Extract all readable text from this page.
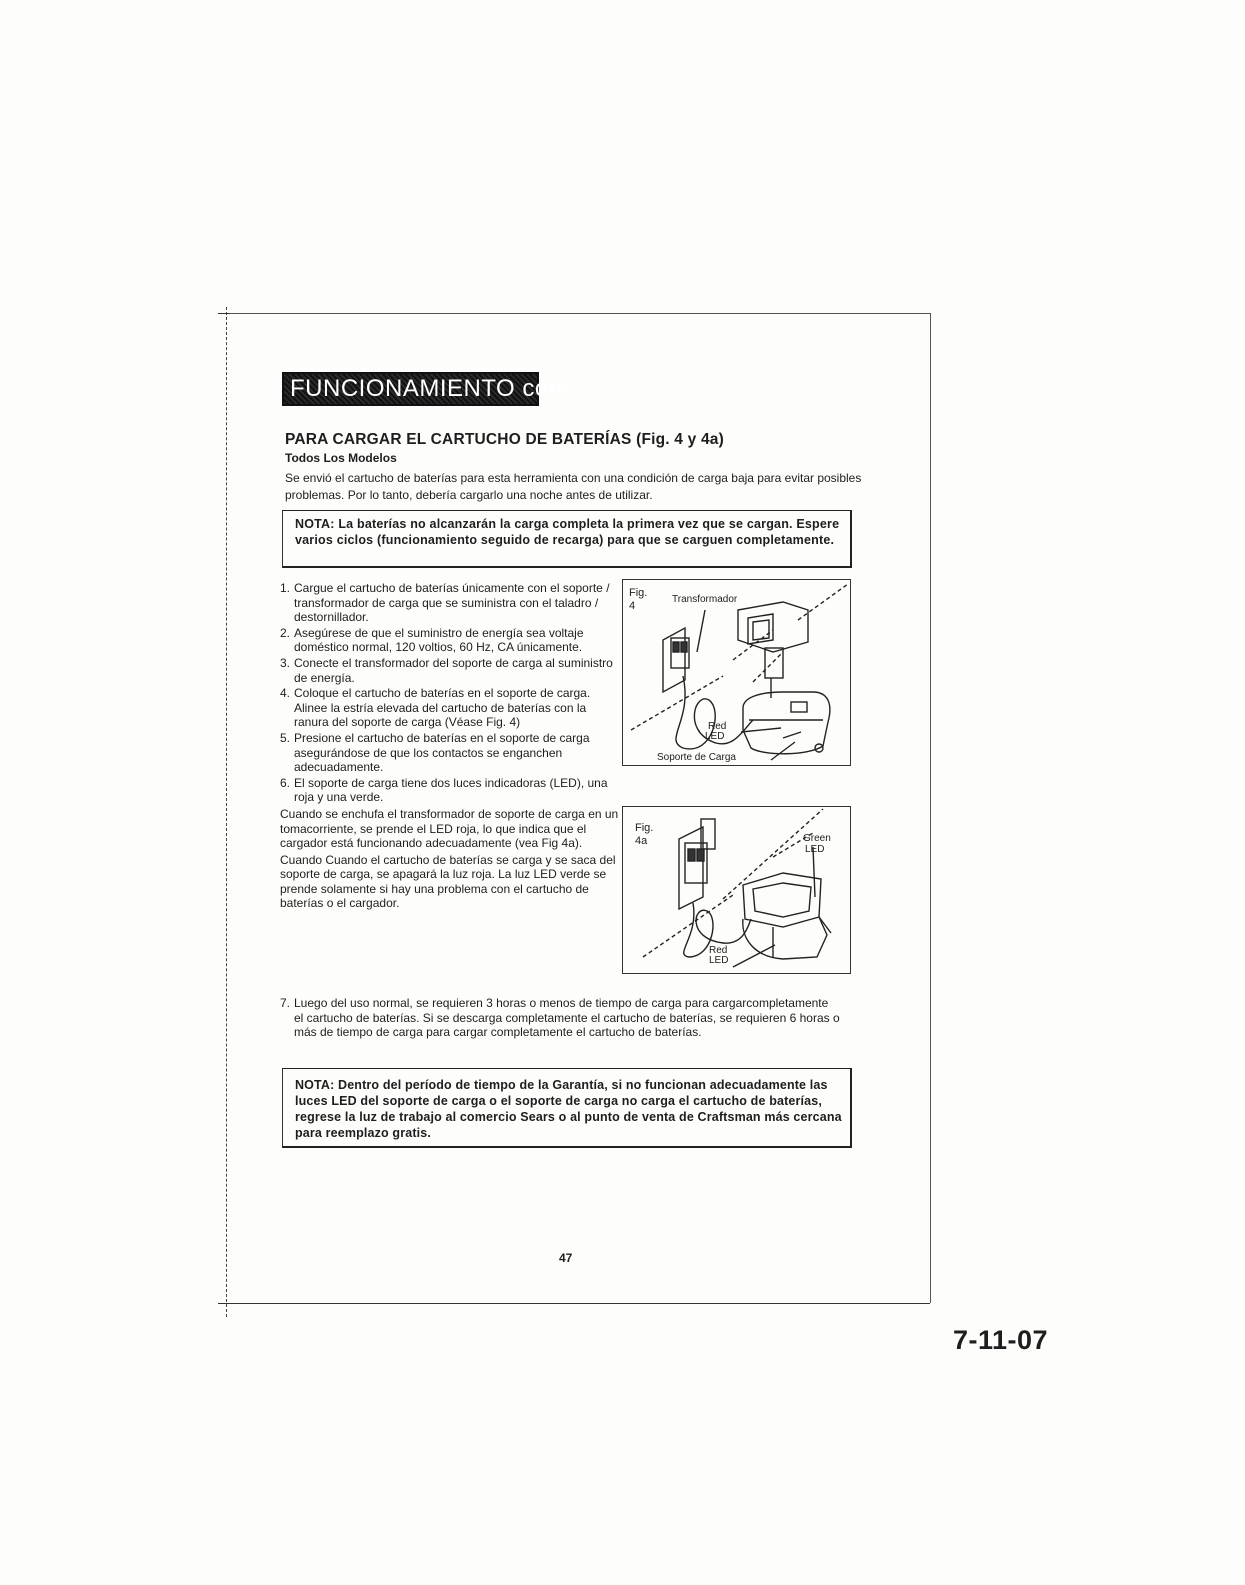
FUNCIONAMIENTO cont.
PARA CARGAR EL CARTUCHO DE BATERÍAS (Fig. 4 y 4a)
Todos Los Modelos
Se envió el cartucho de baterías para esta herramienta con una condición de carga baja para evitar posibles problemas. Por lo tanto, debería cargarlo una noche antes de utilizar.
NOTA: La baterías no alcanzarán la carga completa la primera vez que se cargan. Espere varios ciclos (funcionamiento seguido de recarga) para que se carguen completamente.
1. Cargue el cartucho de baterías únicamente con el soporte / transformador de carga que se suministra con el taladro / destornillador.
2. Asegúrese de que el suministro de energía sea voltaje doméstico normal, 120 voltios, 60 Hz, CA únicamente.
3. Conecte el transformador del soporte de carga al suministro de energía.
4. Coloque el cartucho de baterías en el soporte de carga. Alinee la estría elevada del cartucho de baterías con la ranura del soporte de carga (Véase Fig. 4)
5. Presione el cartucho de baterías en el soporte de carga asegurándose de que los contactos se enganchen adecuadamente.
6. El soporte de carga tiene dos luces indicadoras (LED), una roja y una verde.
Cuando se enchufa el transformador de soporte de carga en un tomacorriente, se prende el LED roja, lo que indica que el cargador está funcionando adecuadamente (vea Fig 4a).
Cuando Cuando el cartucho de baterías se carga y se saca del soporte de carga, se apagará la luz roja. La luz LED verde se prende solamente si hay una problema con el cartucho de baterías o el cargador.
Fig.
4
Transformador
Red
LED
Soporte de Carga
Fig.
4a	Green
LED
Red
LED
7. Luego del uso normal, se requieren 3 horas o menos de tiempo de carga para cargarcompletamente el cartucho de baterías. Si se descarga completamente el cartucho de baterías, se requieren 6 horas o más de tiempo de carga para cargar completamente el cartucho de baterías.
NOTA: Dentro del período de tiempo de la Garantía, si no funcionan adecuadamente las luces LED del soporte de carga o el soporte de carga no carga el cartucho de baterías, regrese la luz de trabajo al comercio Sears o al punto de venta de Craftsman más cercana para reemplazo gratis.
47
7-11-07
